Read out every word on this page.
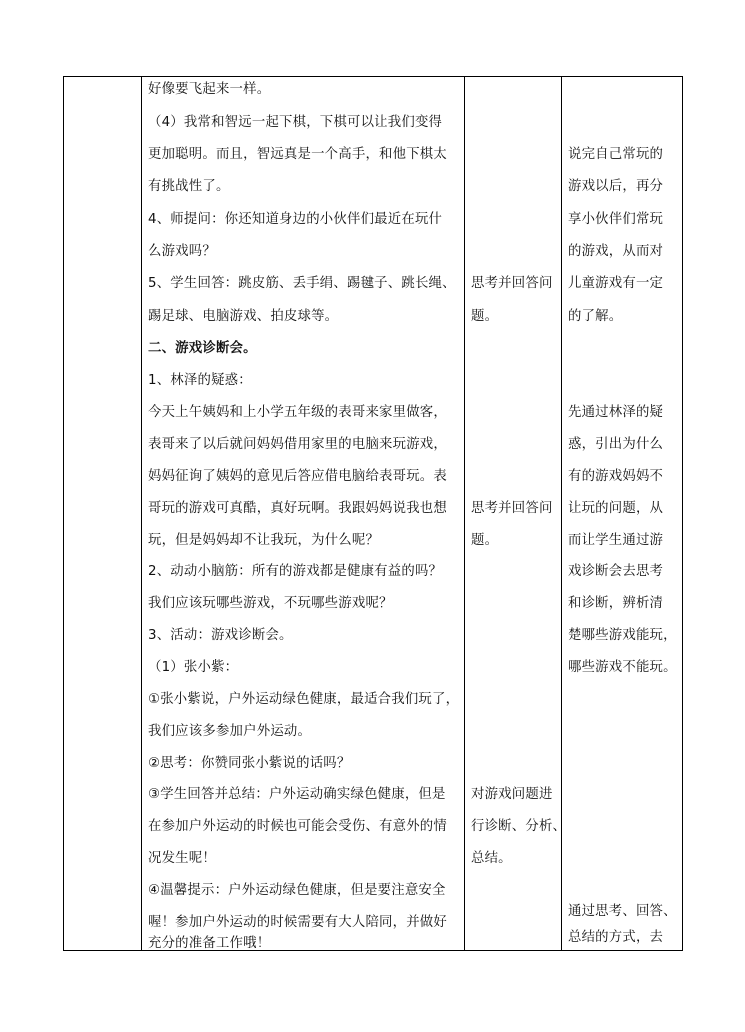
好像要飞起来一样。
（4）我常和智远一起下棋，下棋可以让我们变得
更加聪明。而且，智远真是一个高手，和他下棋太
有挑战性了。
4、师提问：你还知道身边的小伙伴们最近在玩什
么游戏吗？
5、学生回答：跳皮筋、丢手绢、踢毽子、跳长绳、
踢足球、电脑游戏、拍皮球等。
二、游戏诊断会。
1、林泽的疑惑：
今天上午姨妈和上小学五年级的表哥来家里做客，
表哥来了以后就问妈妈借用家里的电脑来玩游戏，
妈妈征询了姨妈的意见后答应借电脑给表哥玩。表
哥玩的游戏可真酷，真好玩啊。我跟妈妈说我也想
玩，但是妈妈却不让我玩，为什么呢？
2、动动小脑筋：所有的游戏都是健康有益的吗？
我们应该玩哪些游戏，不玩哪些游戏呢？
3、活动：游戏诊断会。
（1）张小紫：
①张小紫说，户外运动绿色健康，最适合我们玩了，
我们应该多参加户外运动。
②思考：你赞同张小紫说的话吗？
③学生回答并总结：户外运动确实绿色健康，但是
在参加户外运动的时候也可能会受伤、有意外的情
况发生呢！
④温馨提示：户外运动绿色健康，但是要注意安全
喔！参加户外运动的时候需要有大人陪同，并做好
充分的准备工作哦！
思考并回答问
题。
思考并回答问
题。
对游戏问题进
行诊断、分析、
总结。
说完自己常玩的
游戏以后，再分
享小伙伴们常玩
的游戏，从而对
儿童游戏有一定
的了解。
先通过林泽的疑
惑，引出为什么
有的游戏妈妈不
让玩的问题，从
而让学生通过游
戏诊断会去思考
和诊断，辨析清
楚哪些游戏能玩，
哪些游戏不能玩。
通过思考、回答、
总结的方式，去
